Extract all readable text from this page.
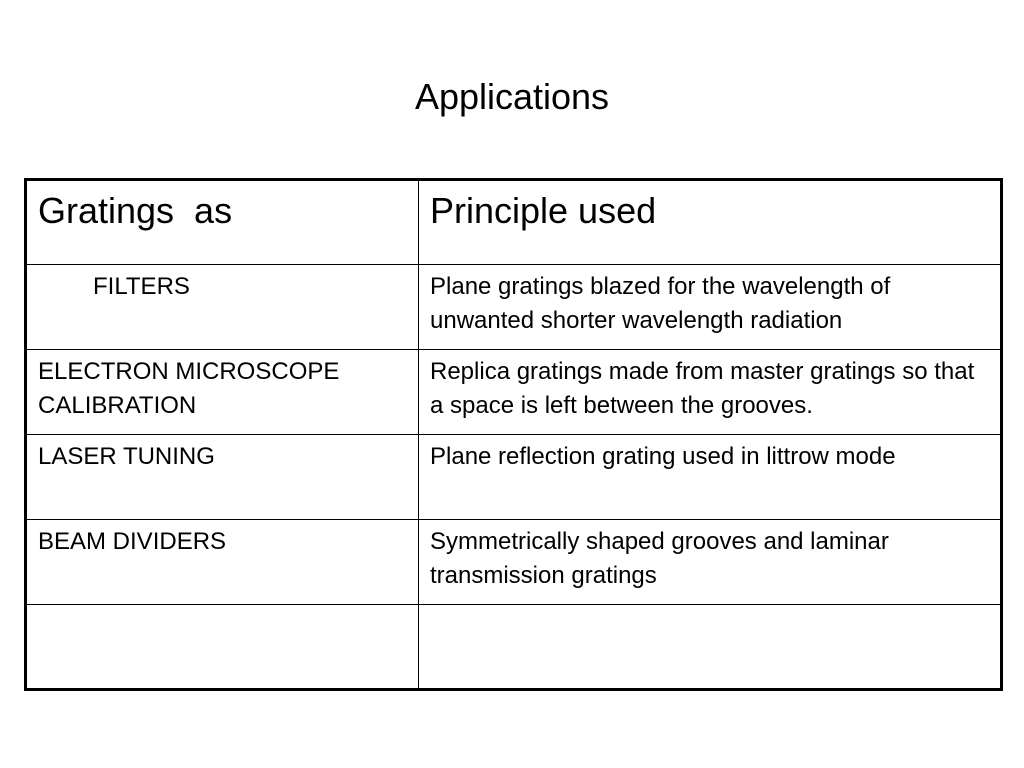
Applications
Gratings  as	Principle used
FILTERS	Plane gratings blazed for the wavelength of unwanted shorter wavelength radiation
ELECTRON MICROSCOPE CALIBRATION	Replica gratings made from master gratings so that a space is left between the grooves.
LASER TUNING	Plane reflection grating used in littrow mode
BEAM DIVIDERS	Symmetrically shaped grooves and laminar transmission gratings
